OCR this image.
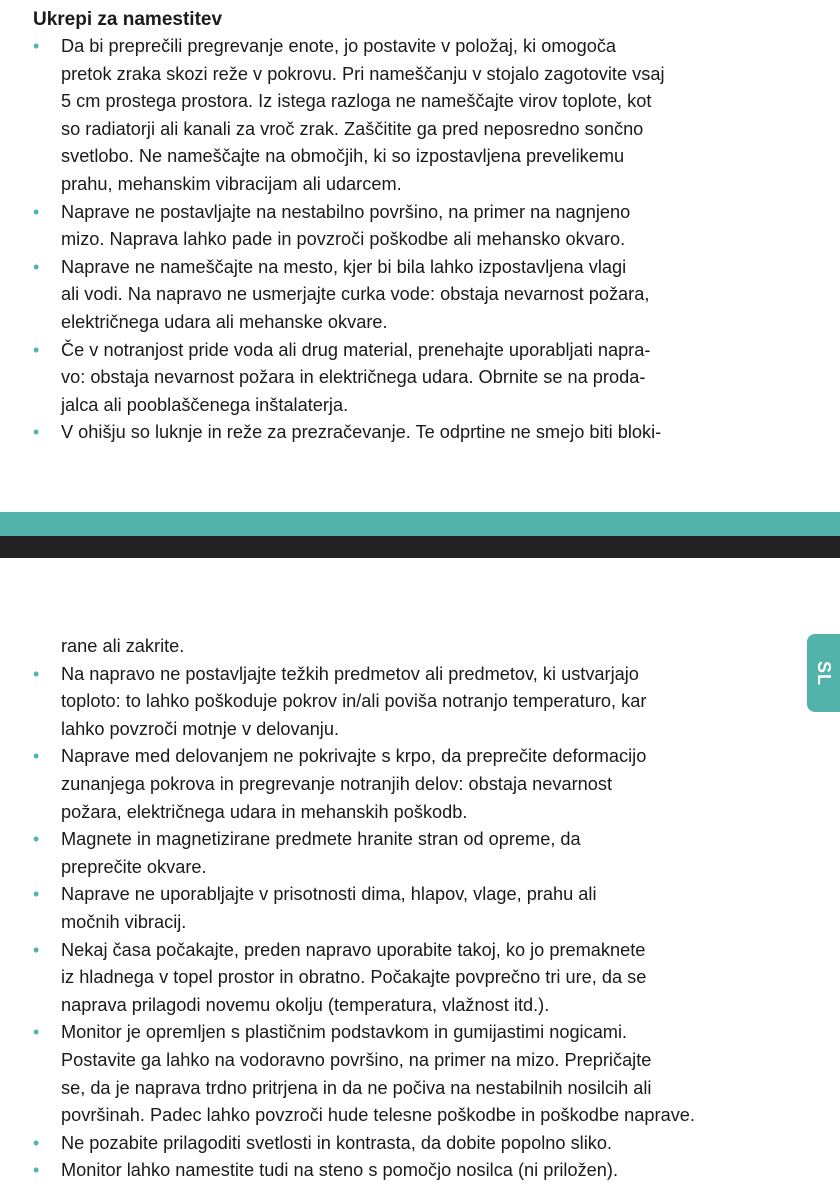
Ukrepi za namestitev
• Da bi preprečili pregrevanje enote, jo postavite v položaj, ki omogoča
pretok zraka skozi reže v pokrovu. Pri nameščanju v stojalo zagotovite vsaj
5 cm prostega prostora. Iz istega razloga ne nameščajte virov toplote, kot
so radiatorji ali kanali za vroč zrak. Zaščitite ga pred neposredno sončno
svetlobo. Ne nameščajte na območjih, ki so izpostavljena prevelikemu
prahu, mehanskim vibracijam ali udarcem.
• Naprave ne postavljajte na nestabilno površino, na primer na nagnjeno
mizo. Naprava lahko pade in povzroči poškodbe ali mehansko okvaro.
• Naprave ne nameščajte na mesto, kjer bi bila lahko izpostavljena vlagi
ali vodi. Na napravo ne usmerjajte curka vode: obstaja nevarnost požara,
električnega udara ali mehanske okvare.
• Če v notranjost pride voda ali drug material, prenehajte uporabljati napra-
vo: obstaja nevarnost požara in električnega udara. Obrnite se na proda-
jalca ali pooblaščenega inštalaterja.
• V ohišju so luknje in reže za prezračevanje. Te odprtine ne smejo biti bloki-
SL
rane ali zakrite.
• Na napravo ne postavljajte težkih predmetov ali predmetov, ki ustvarjajo
toploto: to lahko poškoduje pokrov in/ali poviša notranjo temperaturo, kar
lahko povzroči motnje v delovanju.
• Naprave med delovanjem ne pokrivajte s krpo, da preprečite deformacijo
zunanjega pokrova in pregrevanje notranjih delov: obstaja nevarnost
požara, električnega udara in mehanskih poškodb.
• Magnete in magnetizirane predmete hranite stran od opreme, da
preprečite okvare.
• Naprave ne uporabljajte v prisotnosti dima, hlapov, vlage, prahu ali
močnih vibracij.
• Nekaj časa počakajte, preden napravo uporabite takoj, ko jo premaknete
iz hladnega v topel prostor in obratno. Počakajte povprečno tri ure, da se
naprava prilagodi novemu okolju (temperatura, vlažnost itd.).
• Monitor je opremljen s plastičnim podstavkom in gumijastimi nogicami.
Postavite ga lahko na vodoravno površino, na primer na mizo. Prepričajte
se, da je naprava trdno pritrjena in da ne počiva na nestabilnih nosilcih ali
površinah. Padec lahko povzroči hude telesne poškodbe in poškodbe naprave.
• Ne pozabite prilagoditi svetlosti in kontrasta, da dobite popolno sliko.
• Monitor lahko namestite tudi na steno s pomočjo nosilca (ni priložen).
